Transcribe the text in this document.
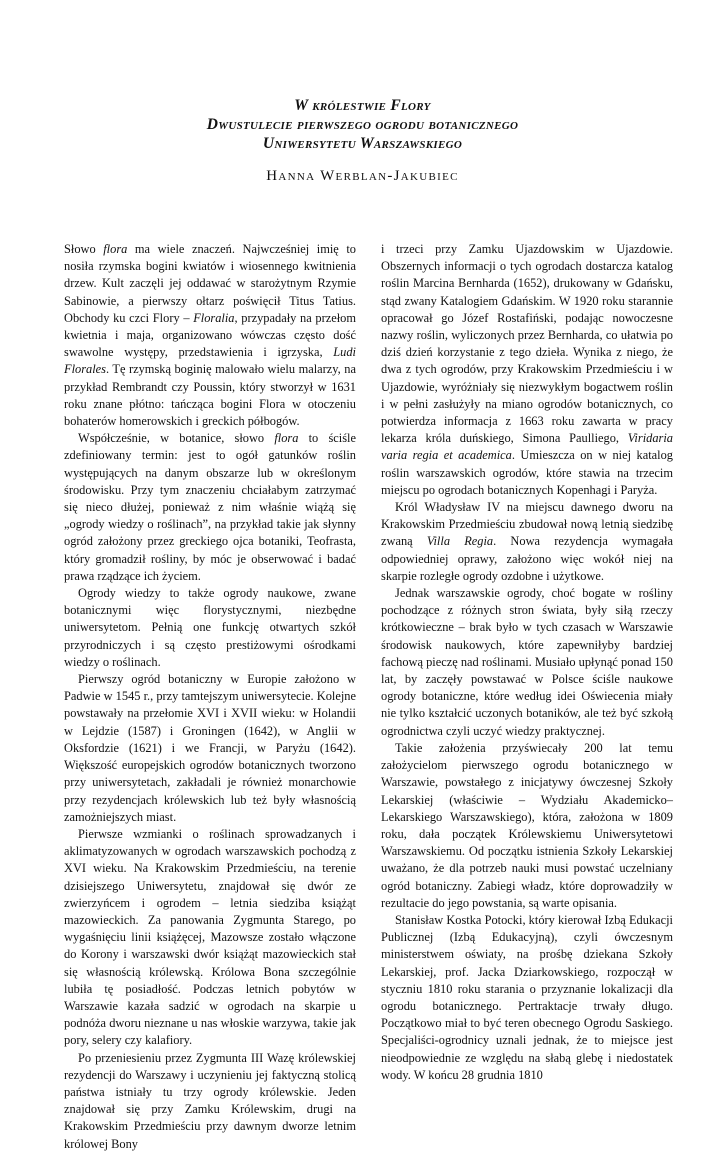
W królestwie Flory

Dwustulecie pierwszego ogrodu botanicznego

Uniwersytetu Warszawskiego

Hanna Werblan-Jakubiec

Słowo flora ma wiele znaczeń. Najwcześniej imię to nosiła rzymska bogini kwiatów i wiosennego kwitnienia drzew. Kult zaczęli jej oddawać w starożytnym Rzymie Sabinowie, a pierwszy ołtarz poświęcił Titus Tatius. Obchody ku czci Flory – Floralia, przypadały na przełom kwietnia i maja, organizowano wówczas często dość swawolne występy, przedstawienia i igrzyska, Ludi Florales. Tę rzymską boginię malowało wielu malarzy, na przykład Rembrandt czy Poussin, który stworzył w 1631 roku znane płótno: tańcząca bogini Flora w otoczeniu bohaterów homerowskich i greckich półbogów.

Współcześnie, w botanice, słowo flora to ściśle zdefiniowany termin: jest to ogół gatunków roślin występujących na danym obszarze lub w określonym środowisku. Przy tym znaczeniu chciałabym zatrzymać się nieco dłużej, ponieważ z nim właśnie wiążą się „ogrody wiedzy o roślinach”, na przykład takie jak słynny ogród założony przez greckiego ojca botaniki, Teofrasta, który gromadził rośliny, by móc je obserwować i badać prawa rządzące ich życiem.

Ogrody wiedzy to także ogrody naukowe, zwane botanicznymi więc florystycznymi, niezbędne uniwersytetom. Pełnią one funkcję otwartych szkół przyrodniczych i są często prestiżowymi ośrodkami wiedzy o roślinach.

Pierwszy ogród botaniczny w Europie założono w Padwie w 1545 r., przy tamtejszym uniwersytecie. Kolejne powstawały na przełomie XVI i XVII wieku: w Holandii w Lejdzie (1587) i Groningen (1642), w Anglii w Oksfordzie (1621) i we Francji, w Paryżu (1642). Większość europejskich ogrodów botanicznych tworzono przy uniwersytetach, zakładali je również monarchowie przy rezydencjach królewskich lub też były własnością zamożniejszych miast.

Pierwsze wzmianki o roślinach sprowadzanych i aklimatyzowanych w ogrodach warszawskich pochodzą z XVI wieku. Na Krakowskim Przedmieściu, na terenie dzisiejszego Uniwersytetu, znajdował się dwór ze zwierzyńcem i ogrodem – letnia siedziba książąt mazowieckich. Za panowania Zygmunta Starego, po wygaśnięciu linii książęcej, Mazowsze zostało włączone do Korony i warszawski dwór książąt mazowieckich stał się własnością królewską. Królowa Bona szczególnie lubiła tę posiadłość. Podczas letnich pobytów w Warszawie kazała sadzić w ogrodach na skarpie u podnóża dworu nieznane u nas włoskie warzywa, takie jak pory, selery czy kalafiory.

Po przeniesieniu przez Zygmunta III Wazę królewskiej rezydencji do Warszawy i uczynieniu jej faktyczną stolicą państwa istniały tu trzy ogrody królewskie. Jeden znajdował się przy Zamku Królewskim, drugi na Krakowskim Przedmieściu przy dawnym dworze letnim królowej Bony

i trzeci przy Zamku Ujazdowskim w Ujazdowie. Obszernych informacji o tych ogrodach dostarcza katalog roślin Marcina Bernharda (1652), drukowany w Gdańsku, stąd zwany Katalogiem Gdańskim. W 1920 roku starannie opracował go Józef Rostafiński, podając nowoczesne nazwy roślin, wyliczonych przez Bernharda, co ułatwia po dziś dzień korzystanie z tego dzieła. Wynika z niego, że dwa z tych ogrodów, przy Krakowskim Przedmieściu i w Ujazdowie, wyróżniały się niezwykłym bogactwem roślin i w pełni zasłużyły na miano ogrodów botanicznych, co potwierdza informacja z 1663 roku zawarta w pracy lekarza króla duńskiego, Simona Paulliego, Viridaria varia regia et academica. Umieszcza on w niej katalog roślin warszawskich ogrodów, które stawia na trzecim miejscu po ogrodach botanicznych Kopenhagi i Paryża.

Król Władysław IV na miejscu dawnego dworu na Krakowskim Przedmieściu zbudował nową letnią siedzibę zwaną Villa Regia. Nowa rezydencja wymagała odpowiedniej oprawy, założono więc wokół niej na skarpie rozległe ogrody ozdobne i użytkowe.

Jednak warszawskie ogrody, choć bogate w rośliny pochodzące z różnych stron świata, były siłą rzeczy krótkowieczne – brak było w tych czasach w Warszawie środowisk naukowych, które zapewniłyby bardziej fachową pieczę nad roślinami. Musiało upłynąć ponad 150 lat, by zaczęły powstawać w Polsce ściśle naukowe ogrody botaniczne, które według idei Oświecenia miały nie tylko kształcić uczonych botaników, ale też być szkołą ogrodnictwa czyli uczyć wiedzy praktycznej.

Takie założenia przyświecały 200 lat temu założycielom pierwszego ogrodu botanicznego w Warszawie, powstałego z inicjatywy ówczesnej Szkoły Lekarskiej (właściwie – Wydziału Akademicko–Lekarskiego Warszawskiego), która, założona w 1809 roku, dała początek Królewskiemu Uniwersytetowi Warszawskiemu. Od początku istnienia Szkoły Lekarskiej uważano, że dla potrzeb nauki musi powstać uczelniany ogród botaniczny. Zabiegi władz, które doprowadziły w rezultacie do jego powstania, są warte opisania.

Stanisław Kostka Potocki, który kierował Izbą Edukacji Publicznej (Izbą Edukacyjną), czyli ówczesnym ministerstwem oświaty, na prośbę dziekana Szkoły Lekarskiej, prof. Jacka Dziarkowskiego, rozpoczął w styczniu 1810 roku starania o przyznanie lokalizacji dla ogrodu botanicznego. Pertraktacje trwały długo. Początkowo miał to być teren obecnego Ogrodu Saskiego. Specjaliści-ogrodnicy uznali jednak, że to miejsce jest nieodpowiednie ze względu na słabą glebę i niedostatek wody. W końcu 28 grudnia 1810
